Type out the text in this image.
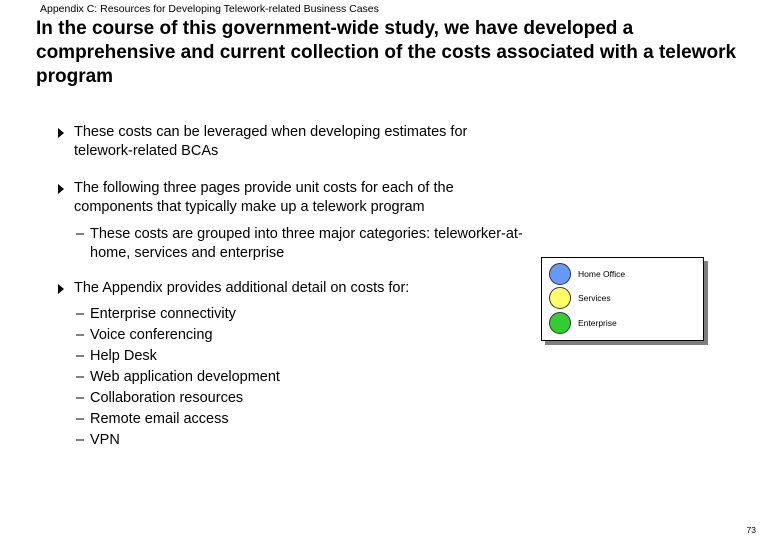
Appendix C: Resources for Developing Telework-related Business Cases
In the course of this government-wide study, we have developed a comprehensive and current collection of the costs associated with a telework program
These costs can be leveraged when developing estimates for telework-related BCAs
The following three pages provide unit costs for each of the components that typically make up a telework program
– These costs are grouped into three major categories: teleworker-at-home, services and enterprise
The Appendix provides additional detail on costs for:
– Enterprise connectivity
– Voice conferencing
– Help Desk
– Web application development
– Collaboration resources
– Remote email access
– VPN
Home Office
Services
Enterprise
73
